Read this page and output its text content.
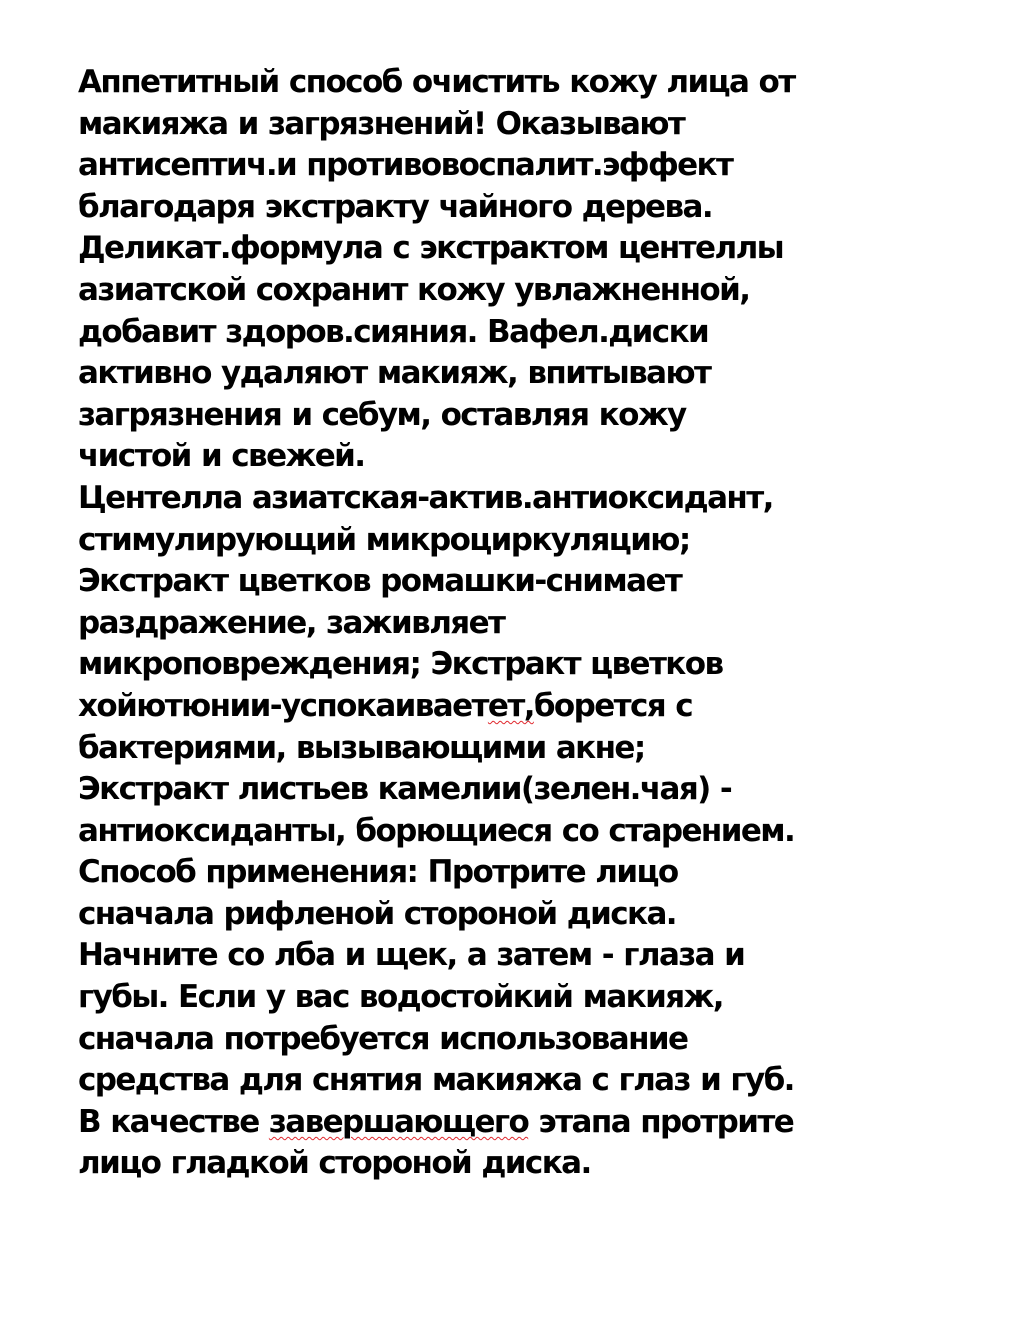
Аппетитный способ очистить кожу лица от
макияжа и загрязнений! Оказывают
антисептич.и противовоспалит.эффект
благодаря экстракту чайного дерева.
Деликат.формула с экстрактом центеллы
азиатской сохранит кожу увлажненной,
добавит здоров.сияния. Вафел.диски
активно удаляют макияж, впитывают
загрязнения и себум, оставляя кожу
чистой и свежей.
Центелла азиатская-актив.антиоксидант,
стимулирующий микроциркуляцию;
Экстракт цветков ромашки-снимает
раздражение, заживляет
микроповреждения; Экстракт цветков
хойютюнии-успокаиваетет,борется с
бактериями, вызывающими акне;
Экстракт листьев камелии(зелен.чая) -
антиоксиданты, борющиеся со старением.
Способ применения: Протрите лицо
сначала рифленой стороной диска.
Начните со лба и щек, а затем - глаза и
губы. Если у вас водостойкий макияж,
сначала потребуется использование
средства для снятия макияжа с глаз и губ.
В качестве завершающего этапа протрите
лицо гладкой стороной диска.
